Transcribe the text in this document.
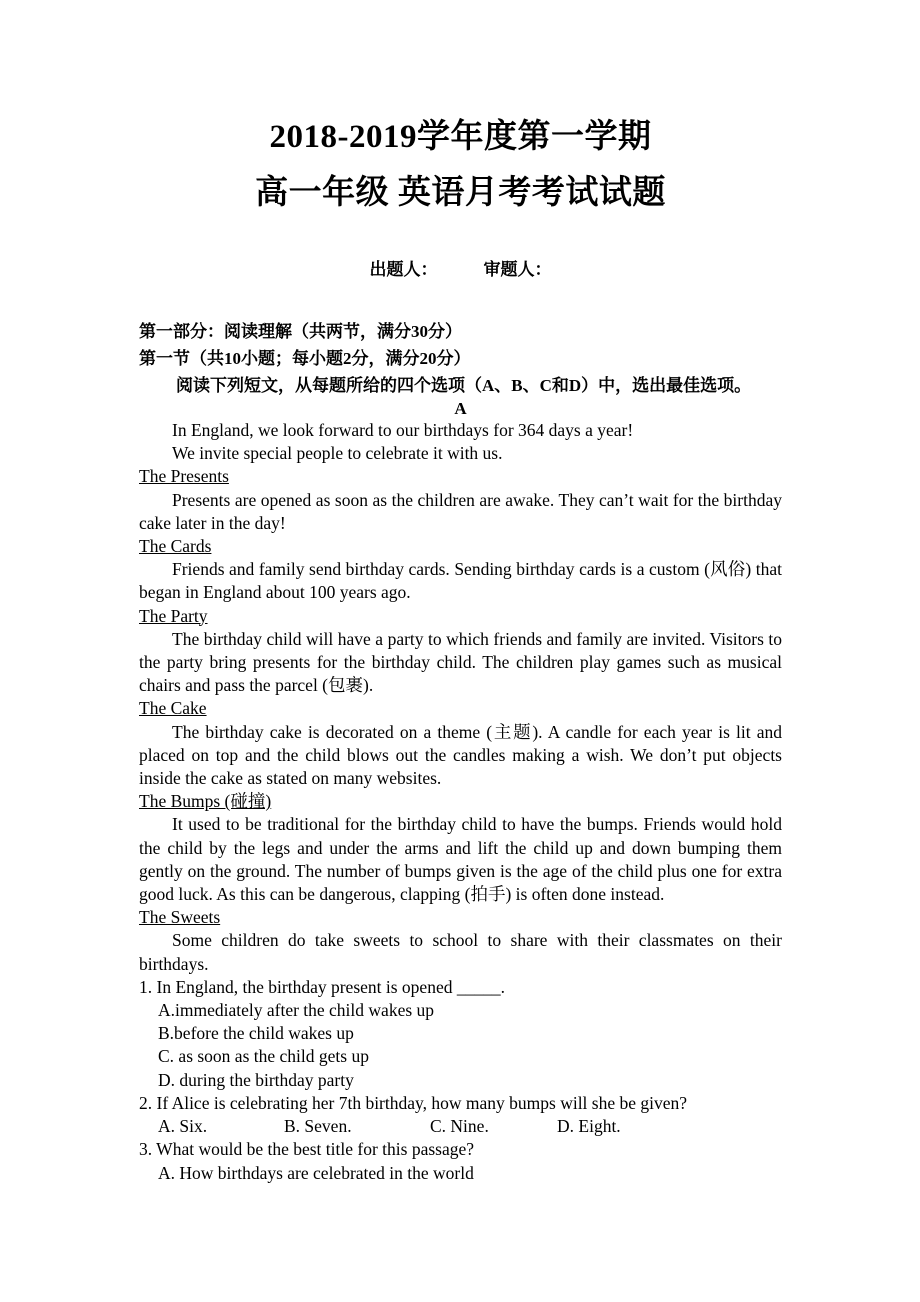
2018-2019学年度第一学期
高一年级 英语月考考试试题
出题人：	审题人：

第一部分：阅读理解（共两节，满分30分）

第一节（共10小题；每小题2分，满分20分）

阅读下列短文，从每题所给的四个选项（A、B、C和D）中，选出最佳选项。

A

In England, we look forward to our birthdays for 364 days a year!

We invite special people to celebrate it with us.

The Presents

Presents are opened as soon as the children are awake. They can’t wait for the birthday cake later in the day!

The Cards

Friends and family send birthday cards. Sending birthday cards is a custom (风俗) that began in England about 100 years ago.

The Party

The birthday child will have a party to which friends and family are invited. Visitors to the party bring presents for the birthday child. The children play games such as musical chairs and pass the parcel (包裹).

The Cake

The birthday cake is decorated on a theme (主题). A candle for each year is lit and placed on top and the child blows out the candles making a wish. We don’t put objects inside the cake as stated on many websites.

The Bumps (碰撞)

It used to be traditional for the birthday child to have the bumps. Friends would hold the child by the legs and under the arms and lift the child up and down bumping them gently on the ground. The number of bumps given is the age of the child plus one for extra good luck. As this can be dangerous, clapping (拍手) is often done instead.

The Sweets

Some children do take sweets to school to share with their classmates on their birthdays.

1. In England, the birthday present is opened _____.

A.immediately after the child wakes up

B.before the child wakes up

C. as soon as the child gets up

D. during the birthday party

2. If Alice is celebrating her 7th birthday, how many bumps will she be given?

A. Six.	B. Seven.	C. Nine.	D. Eight.

3. What would be the best title for this passage?

A. How birthdays are celebrated in the world
